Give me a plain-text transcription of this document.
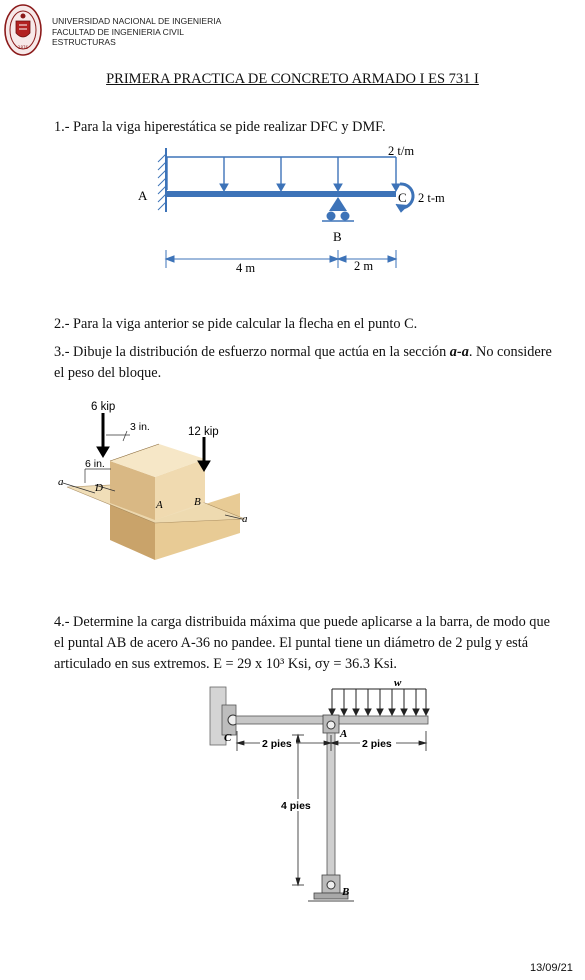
1876
UNIVERSIDAD NACIONAL DE INGENIERIA
FACULTAD DE INGENIERIA CIVIL
ESTRUCTURAS
PRIMERA PRACTICA DE CONCRETO ARMADO I ES 731 I
1.- Para la viga hiperestática se pide realizar DFC y DMF.
2 t/m
A	C 2 t-m
B
4 m	2 m
2.- Para la viga anterior se pide calcular la flecha en el punto C.
3.- Dibuje la distribución de esfuerzo normal que actúa en la sección a-a. No considere
el peso del bloque.
6 kip
12 kip
3 in.
6 in.
D
A	B
a
a
4.- Determine la carga distribuida máxima que puede aplicarse a la barra, de modo que
el puntal AB de acero A-36 no pandee. El puntal tiene un diámetro de 2 pulg y está
articulado en sus extremos. E = 29 x 10³ Ksi, σy = 36.3 Ksi.
w
A
B
C	2 pies	2 pies
4 pies
13/09/21
